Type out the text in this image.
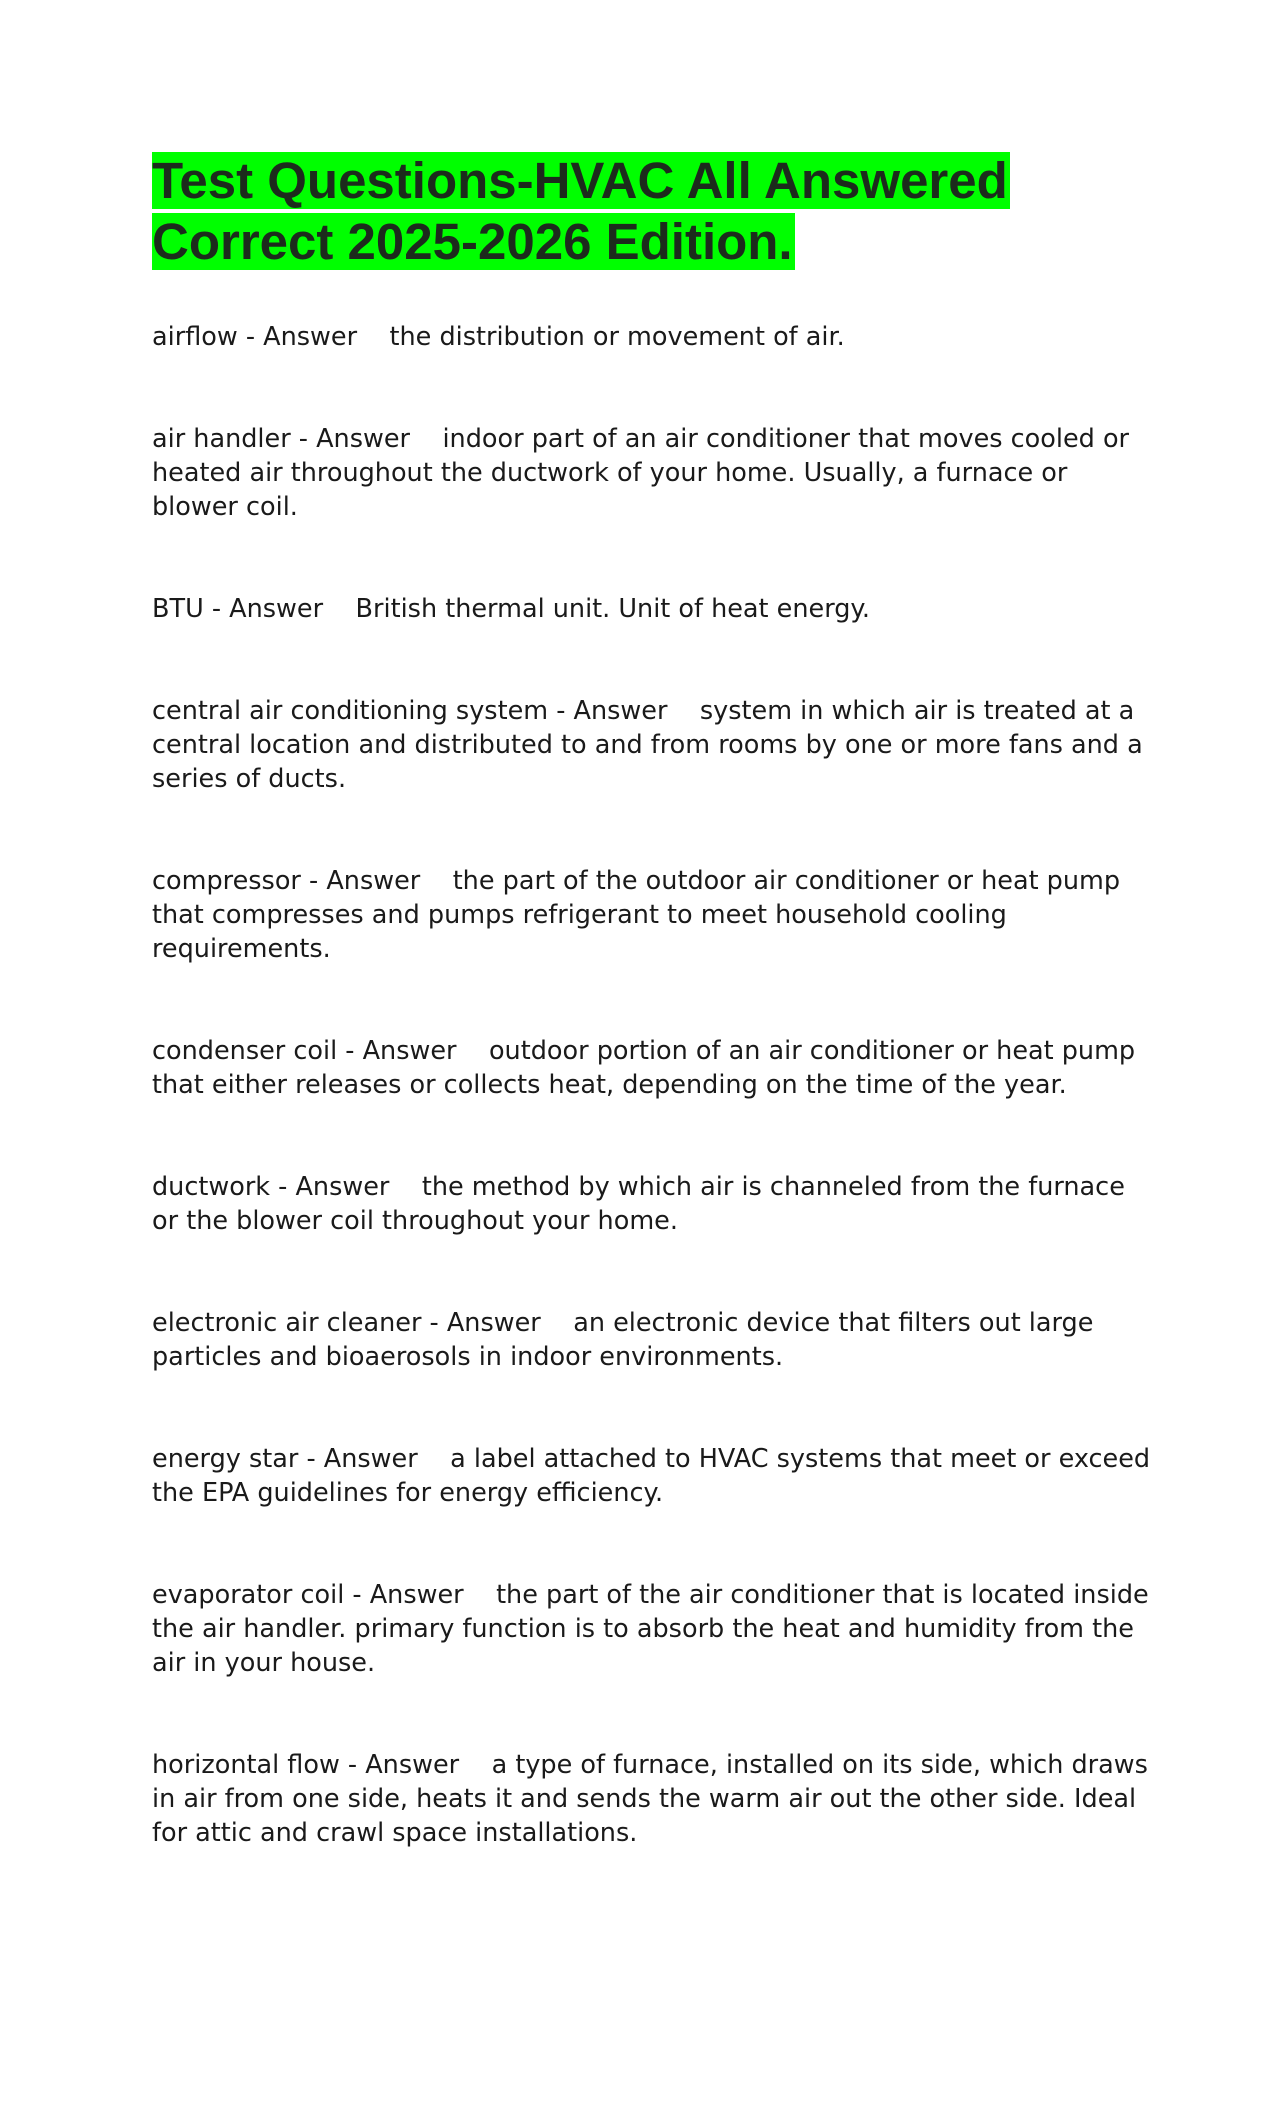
Test Questions-HVAC All Answered
Correct 2025-2026 Edition.

airflow - Answer    the distribution or movement of air.

air handler - Answer    indoor part of an air conditioner that moves cooled or heated air throughout the ductwork of your home. Usually, a furnace or blower coil.

BTU - Answer    British thermal unit. Unit of heat energy.

central air conditioning system - Answer    system in which air is treated at a central location and distributed to and from rooms by one or more fans and a series of ducts.

compressor - Answer    the part of the outdoor air conditioner or heat pump that compresses and pumps refrigerant to meet household cooling requirements.

condenser coil - Answer    outdoor portion of an air conditioner or heat pump that either releases or collects heat, depending on the time of the year.

ductwork - Answer    the method by which air is channeled from the furnace or the blower coil throughout your home.

electronic air cleaner - Answer    an electronic device that filters out large particles and bioaerosols in indoor environments.

energy star - Answer    a label attached to HVAC systems that meet or exceed the EPA guidelines for energy efficiency.

evaporator coil - Answer    the part of the air conditioner that is located inside the air handler. primary function is to absorb the heat and humidity from the air in your house.

horizontal flow - Answer    a type of furnace, installed on its side, which draws in air from one side, heats it and sends the warm air out the other side. Ideal for attic and crawl space installations.
